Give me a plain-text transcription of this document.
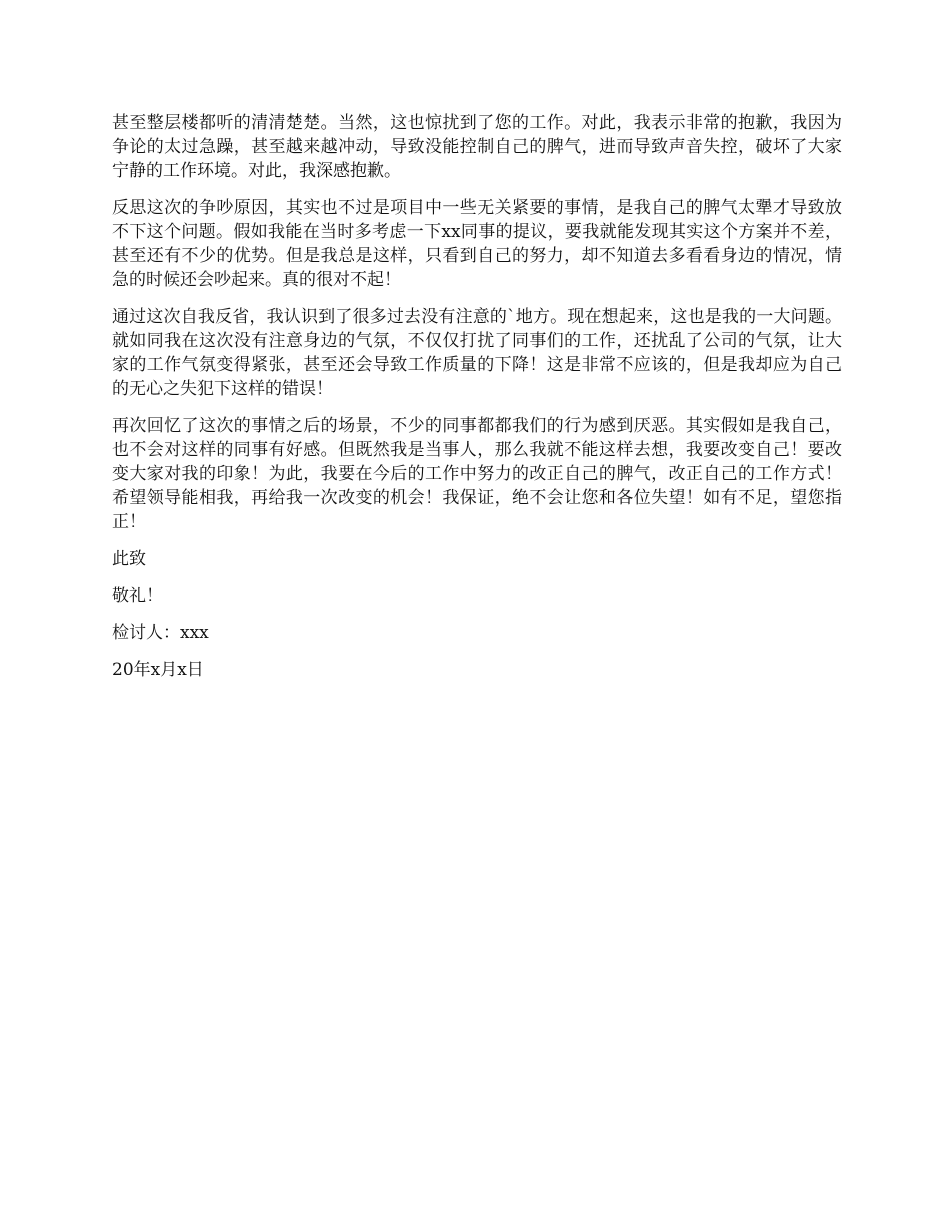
甚至整层楼都听的清清楚楚。当然，这也惊扰到了您的工作。对此，我表示非常的抱歉，我因为争论的太过急躁，甚至越来越冲动，导致没能控制自己的脾气，进而导致声音失控，破坏了大家宁静的工作环境。对此，我深感抱歉。

反思这次的争吵原因，其实也不过是项目中一些无关紧要的事情，是我自己的脾气太犟才导致放不下这个问题。假如我能在当时多考虑一下xx同事的提议，要我就能发现其实这个方案并不差，甚至还有不少的优势。但是我总是这样，只看到自己的努力，却不知道去多看看身边的情况，情急的时候还会吵起来。真的很对不起！

通过这次自我反省，我认识到了很多过去没有注意的`地方。现在想起来，这也是我的一大问题。就如同我在这次没有注意身边的气氛，不仅仅打扰了同事们的工作，还扰乱了公司的气氛，让大家的工作气氛变得紧张，甚至还会导致工作质量的下降！这是非常不应该的，但是我却应为自己的无心之失犯下这样的错误！

再次回忆了这次的事情之后的场景，不少的同事都都我们的行为感到厌恶。其实假如是我自己，也不会对这样的同事有好感。但既然我是当事人，那么我就不能这样去想，我要改变自己！要改变大家对我的印象！为此，我要在今后的工作中努力的改正自己的脾气，改正自己的工作方式！希望领导能相我，再给我一次改变的机会！我保证，绝不会让您和各位失望！如有不足，望您指正！

此致

敬礼！

检讨人：xxx

20年x月x日
